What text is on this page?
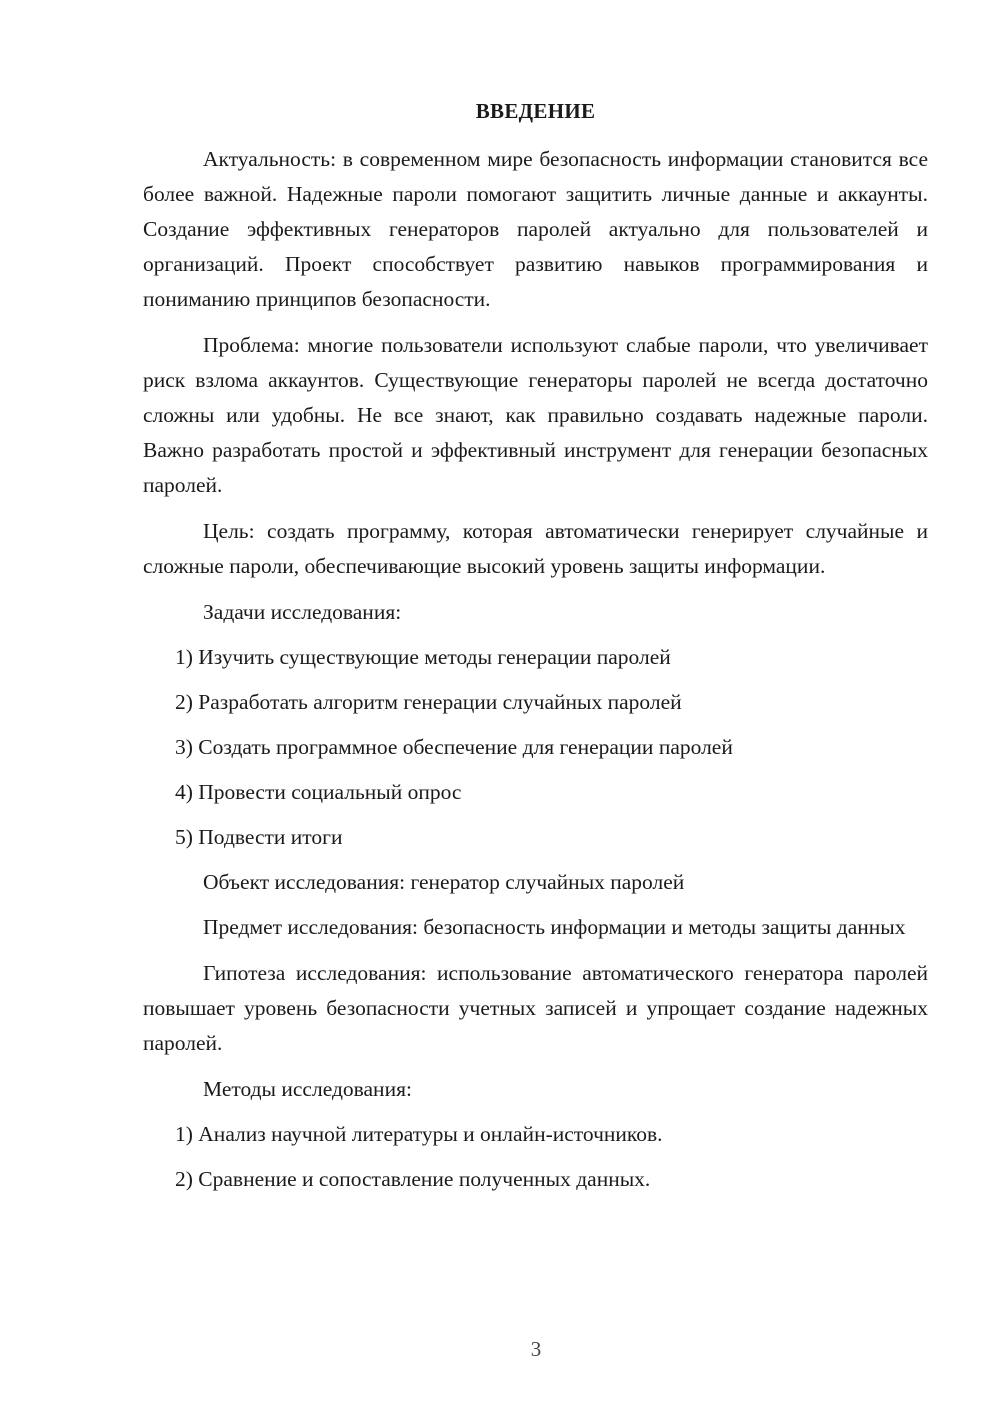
ВВЕДЕНИЕ

Актуальность: в современном мире безопасность информации становится все более важной. Надежные пароли помогают защитить личные данные и аккаунты. Создание эффективных генераторов паролей актуально для пользователей и организаций. Проект способствует развитию навыков программирования и пониманию принципов безопасности.

Проблема: многие пользователи используют слабые пароли, что увеличивает риск взлома аккаунтов. Существующие генераторы паролей не всегда достаточно сложны или удобны. Не все знают, как правильно создавать надежные пароли. Важно разработать простой и эффективный инструмент для генерации безопасных паролей.

Цель: создать программу, которая автоматически генерирует случайные и сложные пароли, обеспечивающие высокий уровень защиты информации.

Задачи исследования:

1) Изучить существующие методы генерации паролей
2) Разработать алгоритм генерации случайных паролей
3) Создать программное обеспечение для генерации паролей
4) Провести социальный опрос
5) Подвести итоги

Объект исследования: генератор случайных паролей

Предмет исследования: безопасность информации и методы защиты данных

Гипотеза исследования: использование автоматического генератора паролей повышает уровень безопасности учетных записей и упрощает создание надежных паролей.

Методы исследования:

1) Анализ научной литературы и онлайн-источников.
2) Сравнение и сопоставление полученных данных.
3
